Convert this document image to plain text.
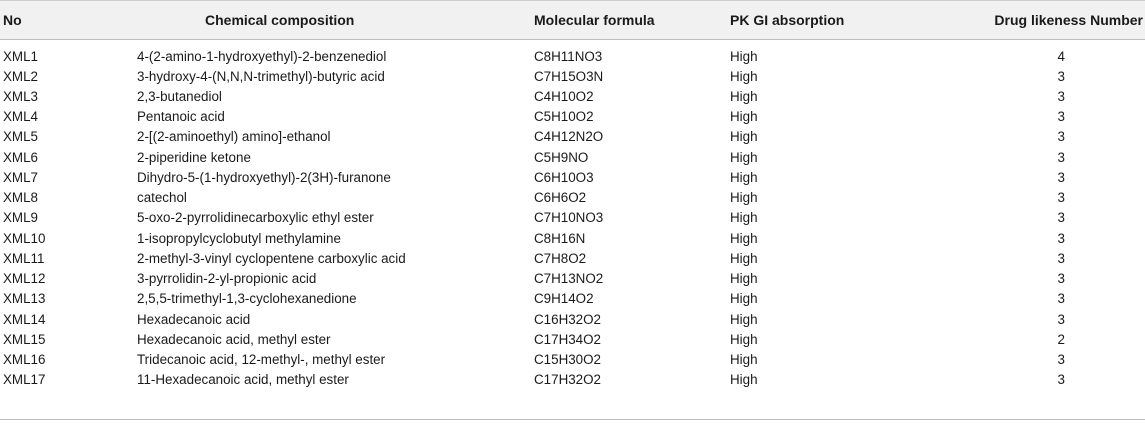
No	Chemical composition	Molecular formula	PK GI absorption	Drug likeness Number
XML1	4-(2-amino-1-hydroxyethyl)-2-benzenediol	C8H11NO3	High	4
XML2	3-hydroxy-4-(N,N,N-trimethyl)-butyric acid	C7H15O3N	High	3
XML3	2,3-butanediol	C4H10O2	High	3
XML4	Pentanoic acid	C5H10O2	High	3
XML5	2-[(2-aminoethyl) amino]-ethanol	C4H12N2O	High	3
XML6	2-piperidine ketone	C5H9NO	High	3
XML7	Dihydro-5-(1-hydroxyethyl)-2(3H)-furanone	C6H10O3	High	3
XML8	catechol	C6H6O2	High	3
XML9	5-oxo-2-pyrrolidinecarboxylic ethyl ester	C7H10NO3	High	3
XML10	1-isopropylcyclobutyl methylamine	C8H16N	High	3
XML11	2-methyl-3-vinyl cyclopentene carboxylic acid	C7H8O2	High	3
XML12	3-pyrrolidin-2-yl-propionic acid	C7H13NO2	High	3
XML13	2,5,5-trimethyl-1,3-cyclohexanedione	C9H14O2	High	3
XML14	Hexadecanoic acid	C16H32O2	High	3
XML15	Hexadecanoic acid, methyl ester	C17H34O2	High	2
XML16	Tridecanoic acid, 12-methyl-, methyl ester	C15H30O2	High	3
XML17	11-Hexadecanoic acid, methyl ester	C17H32O2	High	3
